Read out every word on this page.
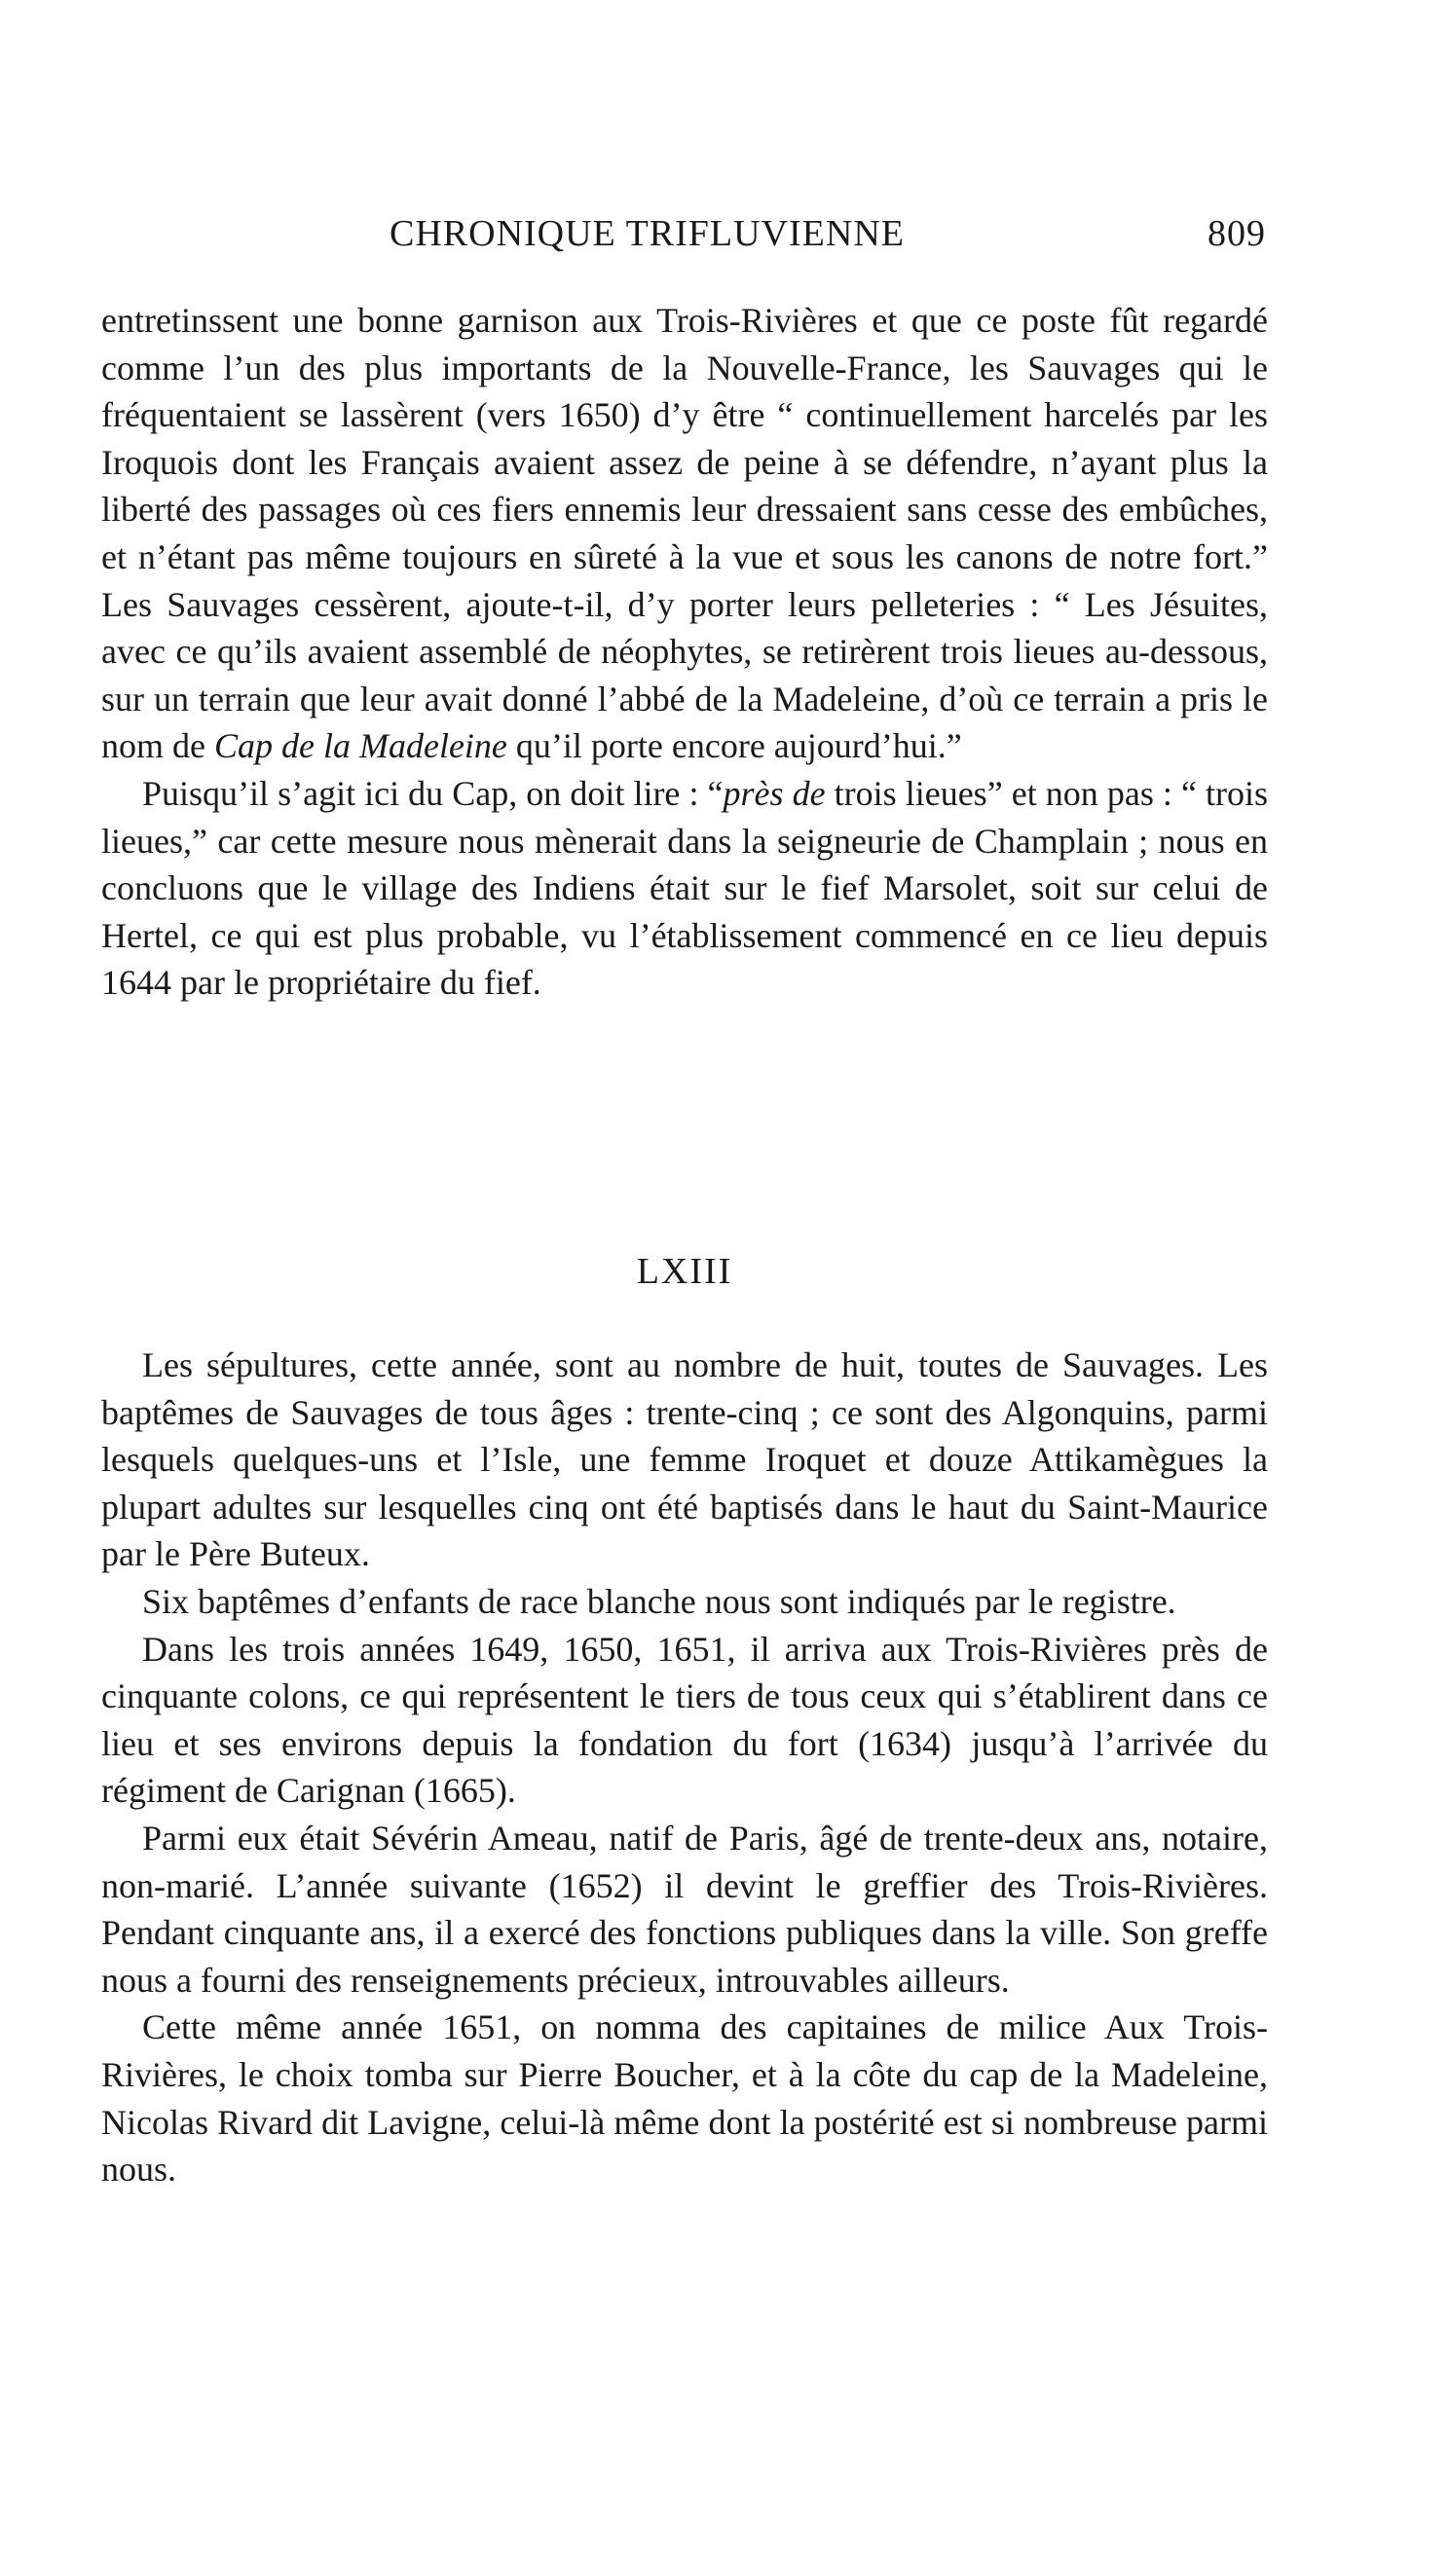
CHRONIQUE TRIFLUVIENNE	809

entretinssent une bonne garnison aux Trois-Rivières et que ce poste fût regardé comme l’un des plus importants de la Nouvelle-France, les Sauvages qui le fréquentaient se lassèrent (vers 1650) d’y être “ continuellement harcelés par les Iroquois dont les Français avaient assez de peine à se défendre, n’ayant plus la liberté des passages où ces fiers ennemis leur dressaient sans cesse des embûches, et n’étant pas même toujours en sûreté à la vue et sous les canons de notre fort.” Les Sauvages cessèrent, ajoute-t-il, d’y porter leurs pelleteries : “ Les Jésuites, avec ce qu’ils avaient assemblé de néophytes, se retirèrent trois lieues au-dessous, sur un terrain que leur avait donné l’abbé de la Madeleine, d’où ce terrain a pris le nom de Cap de la Madeleine qu’il porte encore aujourd’hui.”

Puisqu’il s’agit ici du Cap, on doit lire : “près de trois lieues” et non pas : “ trois lieues,” car cette mesure nous mènerait dans la seigneurie de Champlain ; nous en concluons que le village des Indiens était sur le fief Marsolet, soit sur celui de Hertel, ce qui est plus probable, vu l’établissement commencé en ce lieu depuis 1644 par le propriétaire du fief.

LXIII

Les sépultures, cette année, sont au nombre de huit, toutes de Sauvages. Les baptêmes de Sauvages de tous âges : trente-cinq ; ce sont des Algonquins, parmi lesquels quelques-uns et l’Isle, une femme Iroquet et douze Attikamègues la plupart adultes sur lesquelles cinq ont été baptisés dans le haut du Saint-Maurice par le Père Buteux.

Six baptêmes d’enfants de race blanche nous sont indiqués par le registre.

Dans les trois années 1649, 1650, 1651, il arriva aux Trois-Rivières près de cinquante colons, ce qui représentent le tiers de tous ceux qui s’établirent dans ce lieu et ses environs depuis la fondation du fort (1634) jusqu’à l’arrivée du régiment de Carignan (1665).

Parmi eux était Sévérin Ameau, natif de Paris, âgé de trente-deux ans, notaire, non-marié. L’année suivante (1652) il devint le greffier des Trois-Rivières. Pendant cinquante ans, il a exercé des fonctions publiques dans la ville. Son greffe nous a fourni des renseignements précieux, introuvables ailleurs.

Cette même année 1651, on nomma des capitaines de milice Aux Trois-Rivières, le choix tomba sur Pierre Boucher, et à la côte du cap de la Madeleine, Nicolas Rivard dit Lavigne, celui-là même dont la postérité est si nombreuse parmi nous.
